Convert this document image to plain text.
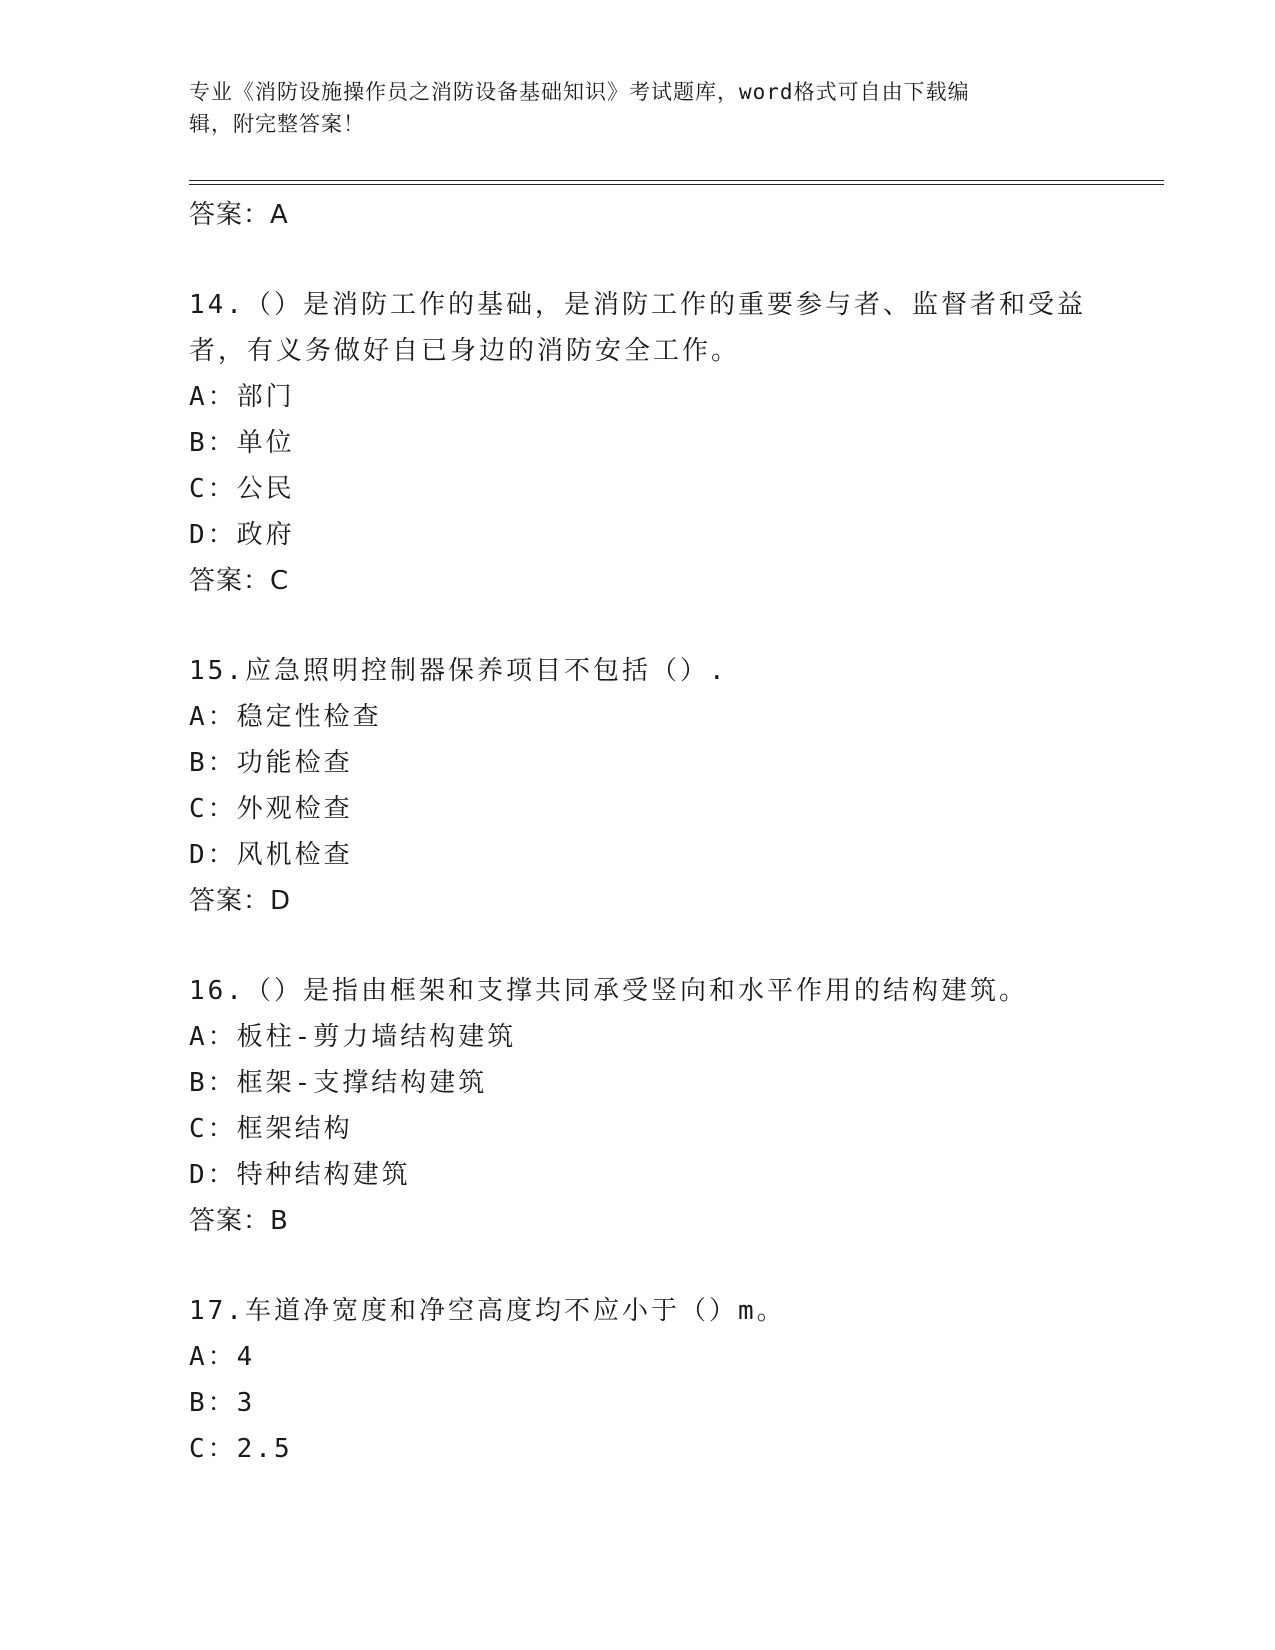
专业《消防设施操作员之消防设备基础知识》考试题库，word格式可自由下载编
辑，附完整答案！
答案：A
14.（）是消防工作的基础，是消防工作的重要参与者、监督者和受益
者，有义务做好自已身边的消防安全工作。
A：部门
B：单位
C：公民
D：政府
答案：C
15.应急照明控制器保养项目不包括（）.
A：稳定性检查
B：功能检查
C：外观检查
D：风机检查
答案：D
16.（）是指由框架和支撑共同承受竖向和水平作用的结构建筑。
A：板柱-剪力墙结构建筑
B：框架-支撑结构建筑
C：框架结构
D：特种结构建筑
答案：B
17.车道净宽度和净空高度均不应小于（）m。
A：4
B：3
C：2.5
